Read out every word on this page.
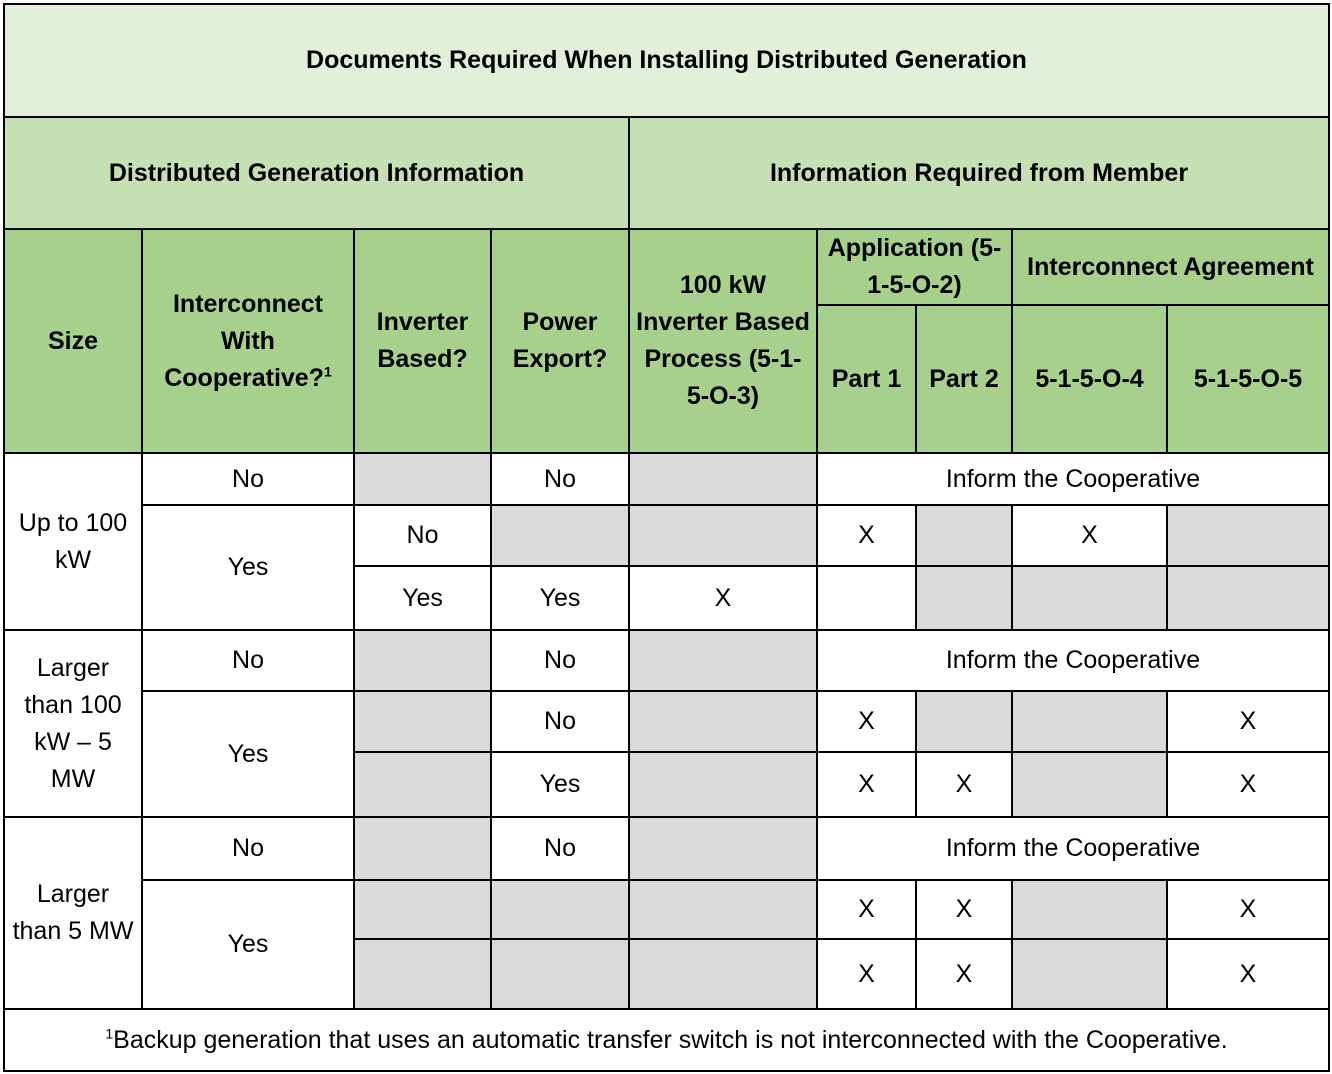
Documents Required When Installing Distributed Generation								
Distributed Generation Information				Information Required from Member				
Size	Interconnect With Cooperative?$^1$	Inverter Based?	Power Export?	100 kW Inverter Based Process (5-1-5-O-3)	Application (5-1-5-O-2)		Interconnect Agreement	
					Part 1	Part 2	5-1-5-O-4	5-1-5-O-5
Up to 100 kW	No		No		Inform the Cooperative			
	Yes	No			X		X	
		Yes	Yes	X				
Larger than 100 kW – 5 MW	No		No		Inform the Cooperative			
	Yes		No		X			X
			Yes		X	X		X
Larger than 5 MW	No		No		Inform the Cooperative			
	Yes				X	X		X
					X	X		X
$^1$Backup generation that uses an automatic transfer switch is not interconnected with the Cooperative.								
